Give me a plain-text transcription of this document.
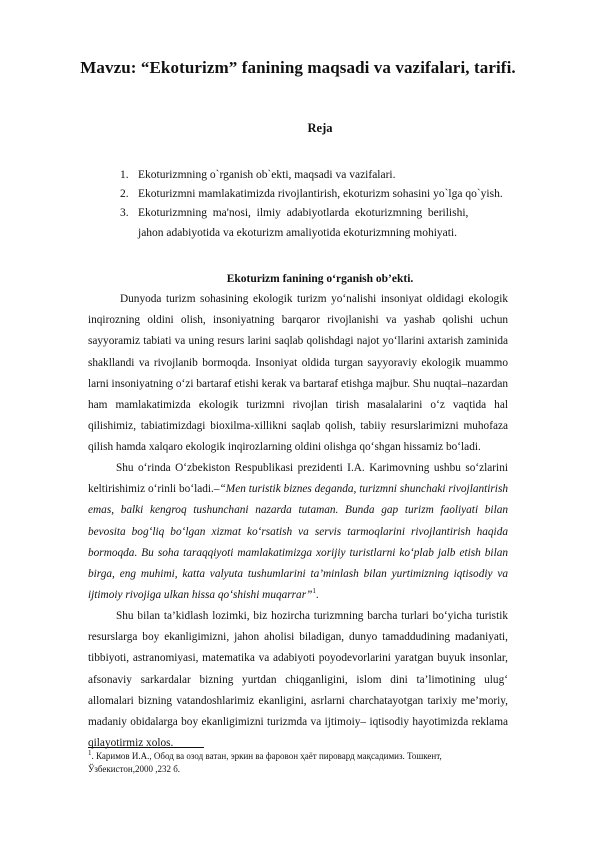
Mavzu: “Ekoturizm” fanining maqsadi va vazifalari, tarifi.
Reja
1. Ekoturizmning o`rganish ob`ekti, maqsadi va vazifalari.
2. Ekoturizmni mamlakatimizda rivojlantirish, ekoturizm sohasini yo`lga qo`yish.
3. Ekoturizmning  ma'nosi,  ilmiy  adabiyotlarda  ekoturizmning  berilishi,
jahon adabiyotida va ekoturizm amaliyotida ekoturizmning mohiyati.
Ekoturizm fanining o‘rganish ob’ekti.
Dunyoda turizm sohasining ekologik turizm yo‘nalishi insoniyat oldidagi ekologik inqirozning oldini olish, insoniyatning barqaror rivojlanishi va yashab qolishi uchun sayyoramiz tabiati va uning resurs larini saqlab qolishdagi najot yo‘llarini axtarish zaminida shakllandi va rivojlanib bormoqda. Insoniyat oldida turgan sayyoraviy ekologik muammo larni insoniyatning o‘zi bartaraf etishi kerak va bartaraf etishga majbur. Shu nuqtai–nazardan ham mamlakatimizda ekologik turizmni rivojlan tirish masalalarini o‘z vaqtida hal qilishimiz, tabiatimizdagi bioxilma-xillikni saqlab qolish, tabiiy resurslarimizni muhofaza qilish hamda xalqaro ekologik inqirozlarning oldini olishga qo‘shgan hissamiz bo‘ladi.
Shu o‘rinda O‘zbekiston Respublikasi prezidenti I.A. Karimovning ushbu so‘zlarini keltirishimiz o‘rinli bo‘ladi.–“Men turistik biznes deganda, turizmni shunchaki rivojlantirish emas, balki kengroq tushunchani nazarda tutaman. Bunda gap turizm faoliyati bilan bevosita bog‘liq bo‘lgan xizmat ko‘rsatish va servis tarmoqlarini rivojlantirish haqida bormoqda. Bu soha taraqqiyoti mamlakatimizga xorijiy turistlarni ko‘plab jalb etish bilan birga, eng muhimi, katta valyuta tushumlarini ta’minlash bilan yurtimizning iqtisodiy va ijtimoiy rivojiga ulkan hissa qo‘shishi muqarrar”$^1$.
Shu bilan ta’kidlash lozimki, biz hozircha turizmning barcha turlari bo‘yicha turistik resurslarga boy ekanligimizni, jahon aholisi biladigan, dunyo tamaddudining madaniyati, tibbiyoti, astranomiyasi, matematika va adabiyoti poyodevorlarini yaratgan buyuk insonlar, afsonaviy sarkardalar bizning yurtdan chiqganligini, islom dini ta’limotining ulug‘ allomalari bizning vatandoshlarimiz ekanligini, asrlarni charchatayotgan tarixiy me’moriy, madaniy obidalarga boy ekanligimizni turizmda va ijtimoiy– iqtisodiy hayotimizda reklama qilayotirmiz xolos.
$^1$. Каримов И.А., Обод ва озод ватан, эркин ва фаровон ҳаёт пировард мақсадимиз. Тошкент, Ўзбекистон,2000 ,232 б.
